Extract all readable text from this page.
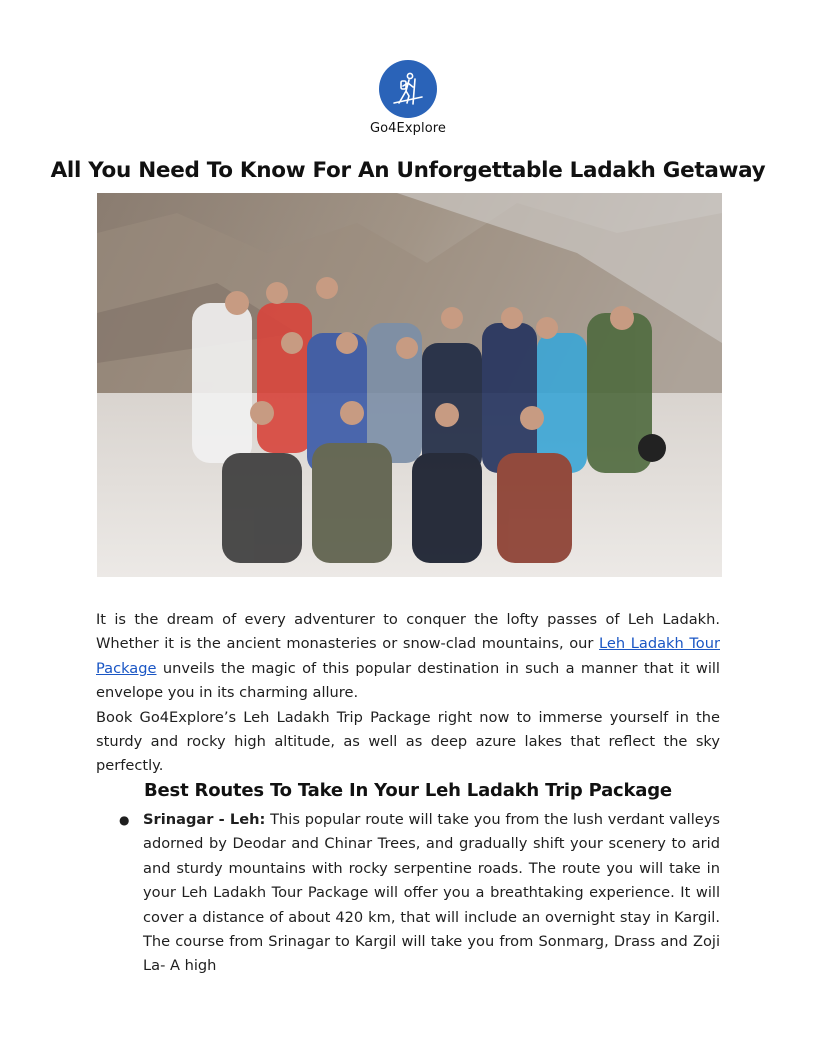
Go4Explore
All You Need To Know For An Unforgettable Ladakh Getaway

It is the dream of every adventurer to conquer the lofty passes of Leh Ladakh. Whether it is the ancient monasteries or snow-clad mountains, our Leh Ladakh Tour Package unveils the magic of this popular destination in such a manner that it will envelope you in its charming allure.

Book Go4Explore’s Leh Ladakh Trip Package right now to immerse yourself in the sturdy and rocky high altitude, as well as deep azure lakes that reflect the sky perfectly.

Best Routes To Take In Your Leh Ladakh Trip Package
● Srinagar - Leh: This popular route will take you from the lush verdant valleys adorned by Deodar and Chinar Trees, and gradually shift your scenery to arid and sturdy mountains with rocky serpentine roads. The route you will take in your Leh Ladakh Tour Package will offer you a breathtaking experience. It will cover a distance of about 420 km, that will include an overnight stay in Kargil. The course from Srinagar to Kargil will take you from Sonmarg, Drass and Zoji La- A high
